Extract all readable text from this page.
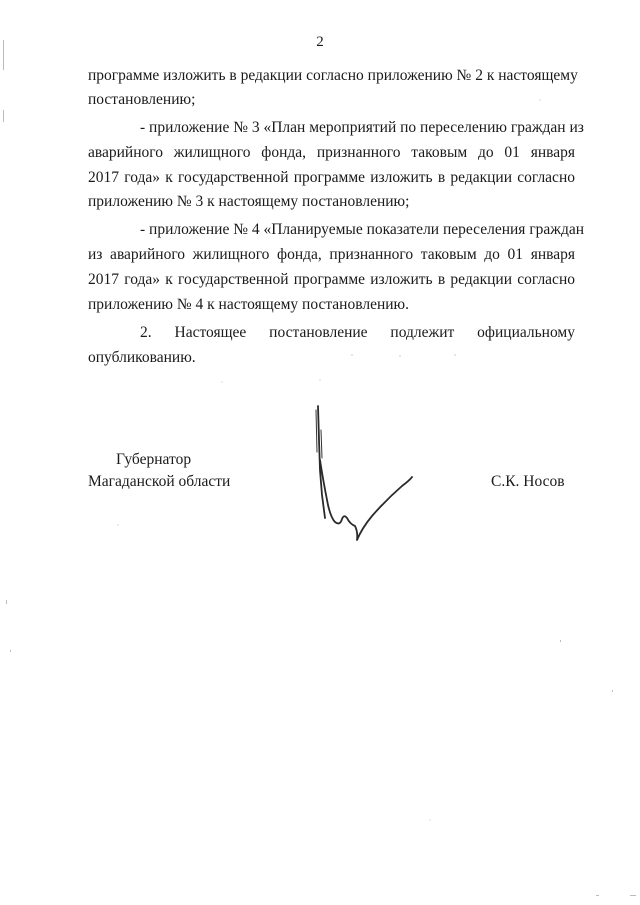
2
программе изложить в редакции согласно приложению № 2 к настоящему
постановлению;
- приложение № 3 «План мероприятий по переселению граждан из
аварийного жилищного фонда, признанного таковым до 01 января
2017 года» к государственной программе изложить в редакции согласно
приложению № 3 к настоящему постановлению;
- приложение № 4 «Планируемые показатели переселения граждан
из аварийного жилищного фонда, признанного таковым до 01 января
2017 года» к государственной программе изложить в редакции согласно
приложению № 4 к настоящему постановлению.
2. Настоящее постановление подлежит официальному
опубликованию.
Губернатор
Магаданской области	С.К. Носов
